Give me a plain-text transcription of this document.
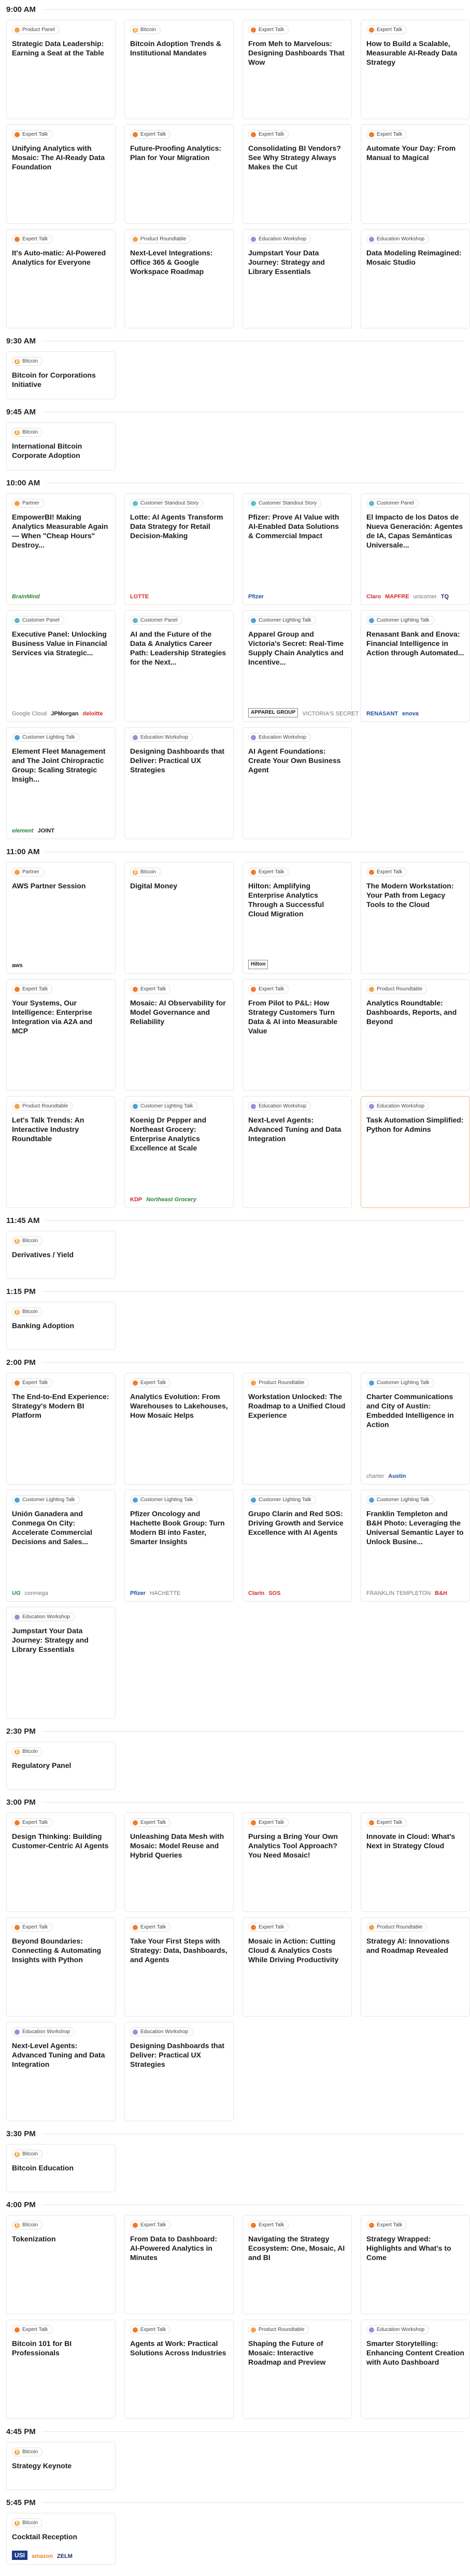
9:00 AM
Product Panel
Strategic Data Leadership: Earning a Seat at the Table
₿ Bitcoin
Bitcoin Adoption Trends & Institutional Mandates
Expert Talk
From Meh to Marvelous: Designing Dashboards That Wow
Expert Talk
How to Build a Scalable, Measurable AI-Ready Data Strategy
Expert Talk
Unifying Analytics with Mosaic: The AI-Ready Data Foundation
Expert Talk
Future-Proofing Analytics: Plan for Your Migration
Expert Talk
Consolidating BI Vendors? See Why Strategy Always Makes the Cut
Expert Talk
Automate Your Day: From Manual to Magical
Expert Talk
It's Auto-matic: AI-Powered Analytics for Everyone
Product Roundtable
Next-Level Integrations: Office 365 & Google Workspace Roadmap
Education Workshop
Jumpstart Your Data Journey: Strategy and Library Essentials
Education Workshop
Data Modeling Reimagined: Mosaic Studio
9:30 AM
₿ Bitcoin
Bitcoin for Corporations Initiative
9:45 AM
₿ Bitcoin
International Bitcoin Corporate Adoption
10:00 AM
Partner
EmpowerBI! Making Analytics Measurable Again — When "Cheap Hours" Destroy...
BrainMind
Customer Standout Story
Lotte: AI Agents Transform Data Strategy for Retail Decision-Making
LOTTE
Customer Standout Story
Pfizer: Prove AI Value with AI-Enabled Data Solutions & Commercial Impact
Pfizer
Customer Panel
El Impacto de los Datos de Nueva Generación: Agentes de IA, Capas Semánticas Universale...
Claro MAPFRE unicomer TQ
Customer Panel
Executive Panel: Unlocking Business Value in Financial Services via Strategic...
Google Cloud JPMorgan deloitte
Customer Panel
AI and the Future of the Data & Analytics Career Path: Leadership Strategies for the Next...
Customer Lighting Talk
Apparel Group and Victoria's Secret: Real-Time Supply Chain Analytics and Incentive...
APPAREL GROUP	VICTORIA'S SECRET
Customer Lighting Talk
Renasant Bank and Enova: Financial Intelligence in Action through Automated...
RENASANT enova
Customer Lighting Talk
Element Fleet Management and The Joint Chiropractic Group: Scaling Strategic Insigh...
element JOINT
Education Workshop
Designing Dashboards that Deliver: Practical UX Strategies
Education Workshop
AI Agent Foundations: Create Your Own Business Agent
11:00 AM
Partner
AWS Partner Session
aws
₿ Bitcoin
Digital Money
Expert Talk
Hilton: Amplifying Enterprise Analytics Through a Successful Cloud Migration
Hilton
Expert Talk
The Modern Workstation: Your Path from Legacy Tools to the Cloud
Expert Talk
Your Systems, Our Intelligence: Enterprise Integration via A2A and MCP
Expert Talk
Mosaic: AI Observability for Model Governance and Reliability
Expert Talk
From Pilot to P&L: How Strategy Customers Turn Data & AI into Measurable Value
Product Roundtable
Analytics Roundtable: Dashboards, Reports, and Beyond
Product Roundtable
Let's Talk Trends: An Interactive Industry Roundtable
Customer Lighting Talk
Koenig Dr Pepper and Northeast Grocery: Enterprise Analytics Excellence at Scale
KDP Northeast Grocery
Education Workshop
Next-Level Agents: Advanced Tuning and Data Integration
Education Workshop
Task Automation Simplified: Python for Admins
11:45 AM
₿ Bitcoin
Derivatives / Yield
1:15 PM
₿ Bitcoin
Banking Adoption
2:00 PM
Expert Talk
The End-to-End Experience: Strategy's Modern BI Platform
Expert Talk
Analytics Evolution: From Warehouses to Lakehouses, How Mosaic Helps
Product Roundtable
Workstation Unlocked: The Roadmap to a Unified Cloud Experience
Customer Lighting Talk
Charter Communications and City of Austin: Embedded Intelligence in Action
charter Austin
Customer Lighting Talk
Unión Ganadera and Conmega On City: Accelerate Commercial Decisions and Sales...
UG conmega
Customer Lighting Talk
Pfizer Oncology and Hachette Book Group: Turn Modern BI into Faster, Smarter Insights
Pfizer HACHETTE
Customer Lighting Talk
Grupo Clarín and Red SOS: Driving Growth and Service Excellence with AI Agents
Clarín SOS
Customer Lighting Talk
Franklin Templeton and B&H Photo: Leveraging the Universal Semantic Layer to Unlock Busine...
FRANKLIN TEMPLETON B&H
Education Workshop
Jumpstart Your Data Journey: Strategy and Library Essentials
2:30 PM
₿ Bitcoin
Regulatory Panel
3:00 PM
Expert Talk
Design Thinking: Building Customer-Centric AI Agents
Expert Talk
Unleashing Data Mesh with Mosaic: Model Reuse and Hybrid Queries
Expert Talk
Pursing a Bring Your Own Analytics Tool Approach? You Need Mosaic!
Expert Talk
Innovate in Cloud: What's Next in Strategy Cloud
Expert Talk
Beyond Boundaries: Connecting & Automating Insights with Python
Expert Talk
Take Your First Steps with Strategy: Data, Dashboards, and Agents
Expert Talk
Mosaic in Action: Cutting Cloud & Analytics Costs While Driving Productivity
Product Roundtable
Strategy AI: Innovations and Roadmap Revealed
Education Workshop
Next-Level Agents: Advanced Tuning and Data Integration
Education Workshop
Designing Dashboards that Deliver: Practical UX Strategies
3:30 PM
₿ Bitcoin
Bitcoin Education
4:00 PM
₿ Bitcoin
Tokenization
Expert Talk
From Data to Dashboard: AI-Powered Analytics in Minutes
Expert Talk
Navigating the Strategy Ecosystem: One, Mosaic, AI and BI
Expert Talk
Strategy Wrapped: Highlights and What's to Come
Expert Talk
Bitcoin 101 for BI Professionals
Expert Talk
Agents at Work: Practical Solutions Across Industries
Product Roundtable
Shaping the Future of Mosaic: Interactive Roadmap and Preview
Education Workshop
Smarter Storytelling: Enhancing Content Creation with Auto Dashboard
4:45 PM
₿ Bitcoin
Strategy Keynote
5:45 PM
₿ Bitcoin
Cocktail Reception
USI	amazon ZELM
